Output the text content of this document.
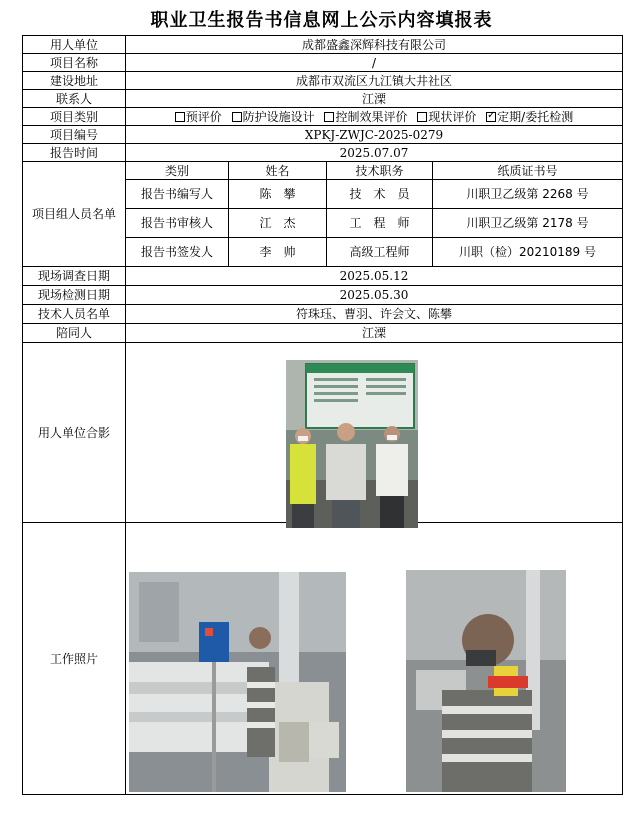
职业卫生报告书信息网上公示内容填报表
用人单位	成都盛鑫深辉科技有限公司			
项目名称	/			
建设地址	成都市双流区九江镇大井社区			
联系人	江溧			
项目类别	预评价 防护设施设计 控制效果评价 现状评价 ✓ 定期/委托检测
项目编号	XPKJ-ZWJC-2025-0279			
报告时间	2025.07.07			
项目组人员名单	类别	姓名	技术职务	纸质证书号
	报告书编写人	陈　攀	技　术　员	川职卫乙级第 2268 号
	报告书审核人	江　杰	工　程　师	川职卫乙级第 2178 号
	报告书签发人	李　帅	高级工程师	川职（检）20210189 号
现场调查日期	2025.05.12			
现场检测日期	2025.05.30			
技术人员名单	符珠珏、曹羽、许会文、陈攀			
陪同人	江溧			
用人单位合影				
工作照片				
